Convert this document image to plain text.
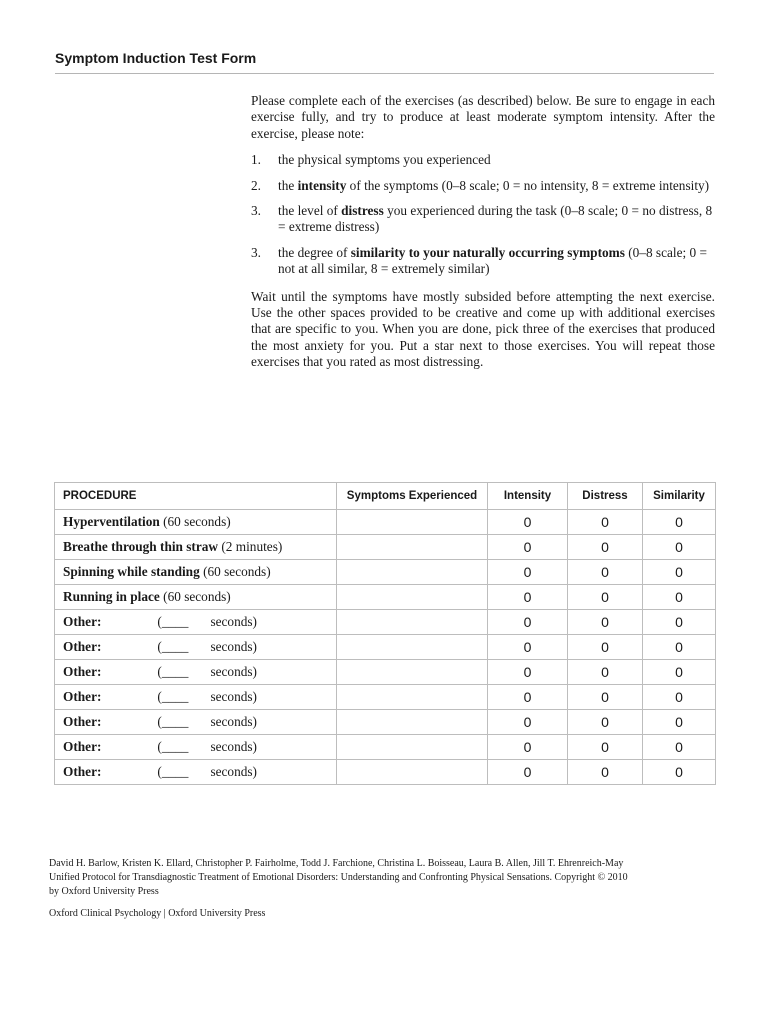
Symptom Induction Test Form

Please complete each of the exercises (as described) below. Be sure to engage in each exercise fully, and try to produce at least moderate symptom intensity. After the exercise, please note:

1.	the physical symptoms you experienced
2.	the intensity of the symptoms (0–8 scale; 0 = no intensity, 8 = extreme intensity)
3.	the level of distress you experienced during the task (0–8 scale; 0 = no distress, 8 = extreme distress)
3.	the degree of similarity to your naturally occurring symptoms (0–8 scale; 0 = not at all similar, 8 = extremely similar)

Wait until the symptoms have mostly subsided before attempting the next exercise. Use the other spaces provided to be creative and come up with additional exercises that are specific to you. When you are done, pick three of the exercises that produced the most anxiety for you. Put a star next to those exercises. You will repeat those exercises that you rated as most distressing.

PROCEDURE	Symptoms Experienced	Intensity	Distress	Similarity
Hyperventilation (60 seconds)		0	0	0
Breathe through thin straw (2 minutes)		0	0	0
Spinning while standing (60 seconds)		0	0	0
Running in place (60 seconds)		0	0	0
Other: (____ seconds)		0	0	0
Other: (____ seconds)		0	0	0
Other: (____ seconds)		0	0	0
Other: (____ seconds)		0	0	0
Other: (____ seconds)		0	0	0
Other: (____ seconds)		0	0	0
Other: (____ seconds)		0	0	0
David H. Barlow, Kristen K. Ellard, Christopher P. Fairholme, Todd J. Farchione, Christina L. Boisseau, Laura B. Allen, Jill T. Ehrenreich-May
Unified Protocol for Transdiagnostic Treatment of Emotional Disorders: Understanding and Confronting Physical Sensations. Copyright © 2010
by Oxford University Press
Oxford Clinical Psychology | Oxford University Press
